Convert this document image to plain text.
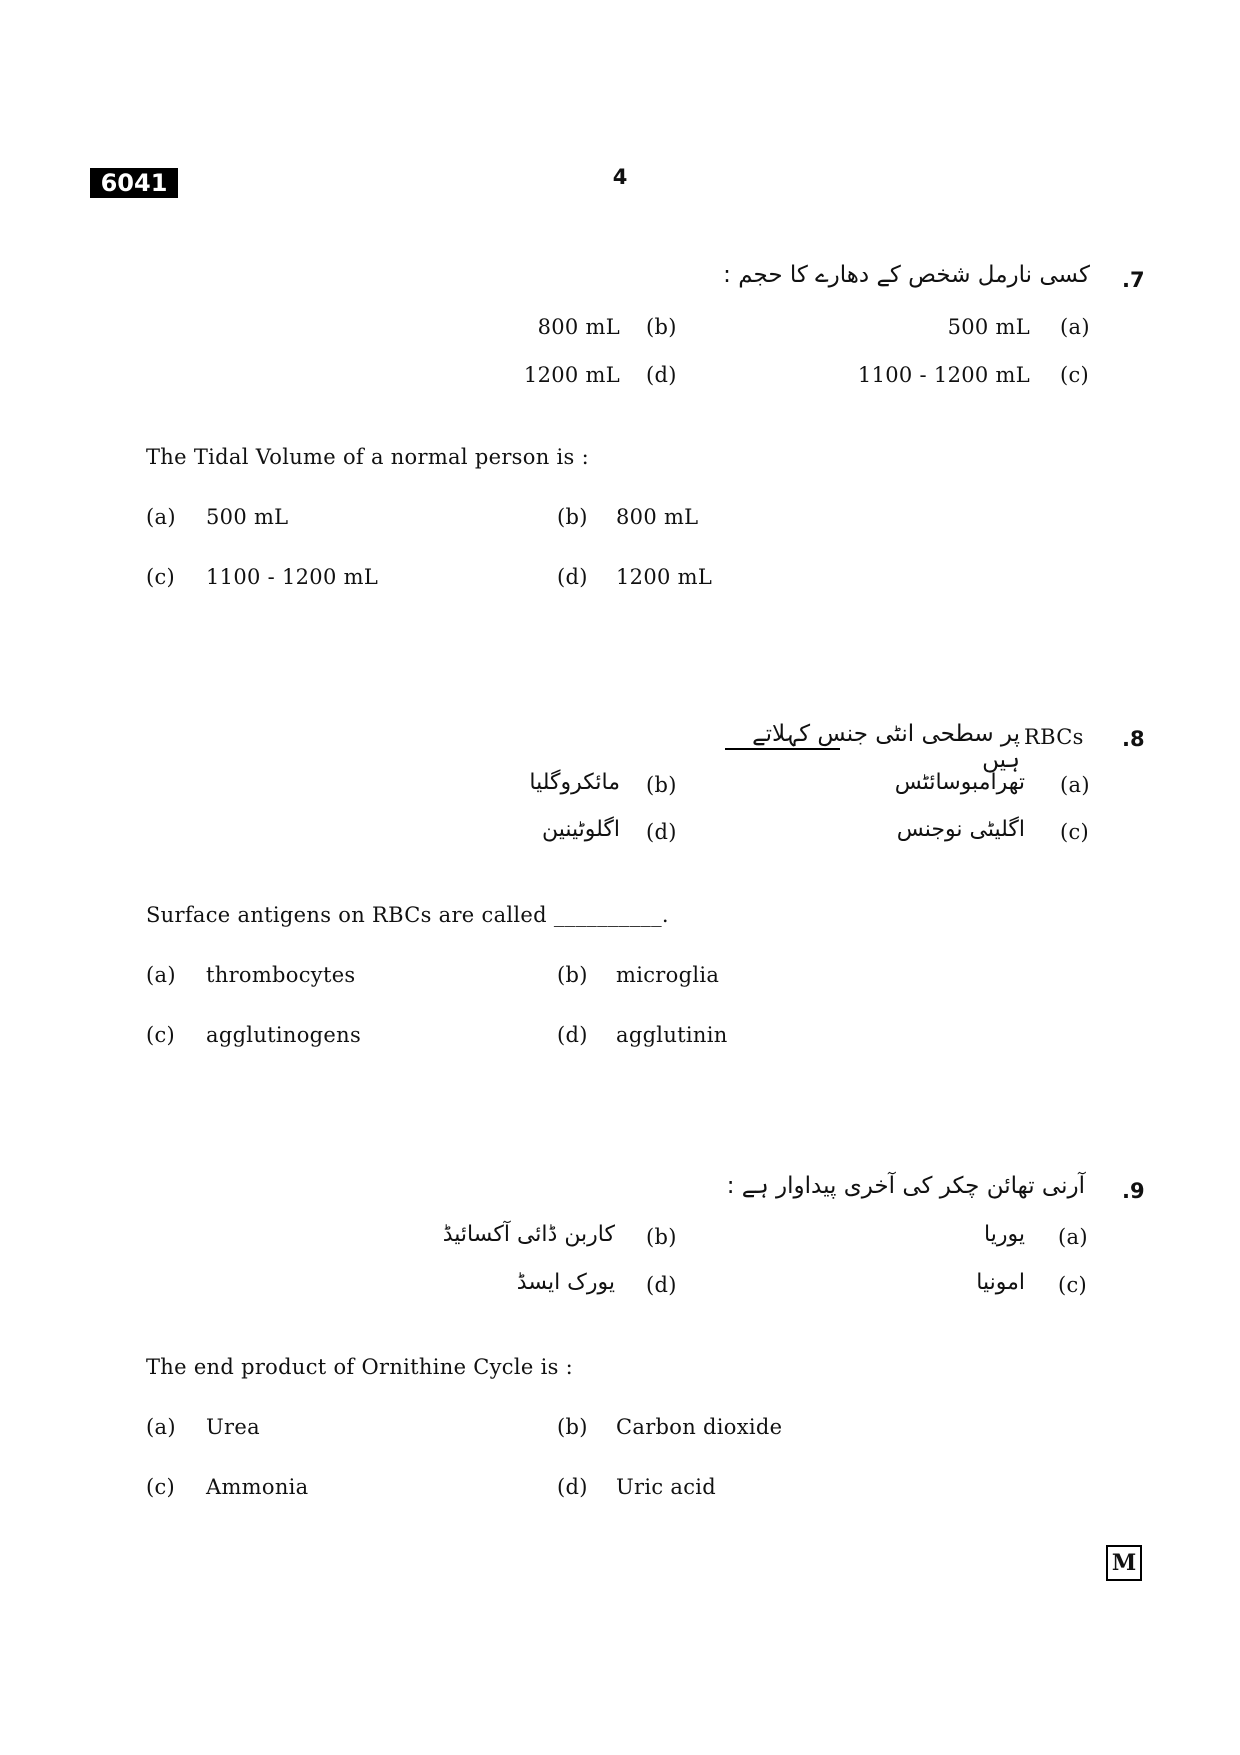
6041	4
.7
کسی نارمل شخص کے دھارے کا حجم :
(a)
500 mL
(b)
800 mL
(c)
1100 - 1200 mL
(d)
1200 mL
The Tidal Volume of a normal person is :
(a) 500 mL	(b) 800 mL
(c) 1100 - 1200 mL	(d) 1200 mL
.8
RBCs
پر سطحی انٹی جنس کہلاتے ہیں
(a)
تھرامبوسائٹس
(b)
مائکروگلیا
(c)
اگلیٹی نوجنس
(d)
اگلوٹینین
Surface antigens on RBCs are called __________.
(a) thrombocytes	(b) microglia
(c) agglutinogens	(d) agglutinin
.9
آرنی تھائن چکر کی آخری پیداوار ہے :
(a)
یوریا
(b)
کاربن ڈائی آکسائیڈ
(c)
امونیا
(d)
یورک ایسڈ
The end product of Ornithine Cycle is :
(a) Urea	(b) Carbon dioxide
(c) Ammonia	(d) Uric acid
M
